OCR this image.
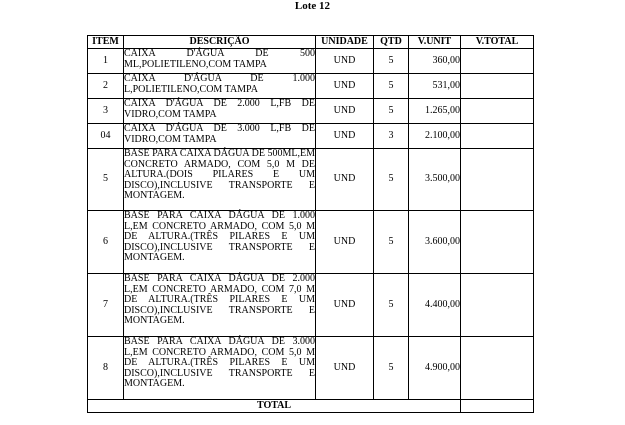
Lote 12
ITEM	DESCRIÇÃO	UNIDADE	QTD	V.UNIT	V.TOTAL
1	CAIXA D'ÁGUA DE 500 ML,POLIETILENO,COM TAMPA	UND	5	360,00	
2	CAIXA D'ÁGUA DE 1.000 L,POLIETILENO,COM TAMPA	UND	5	531,00	
3	CAIXA D'ÁGUA DE 2.000 L,FB DE VIDRO,COM TAMPA	UND	5	1.265,00	
04	CAIXA D'ÁGUA DE 3.000 L,FB DE VIDRO,COM TAMPA	UND	3	2.100,00	
5	BASE PARA CAIXA DÁGUA DE 500ML,EM CONCRETO ARMADO, COM 5,0 M DE ALTURA.(DOIS PILARES E UM DISCO),INCLUSIVE TRANSPORTE E MONTAGEM.	UND	5	3.500,00	
6	BASE PARA CAIXA DÁGUA DE 1.000 L,EM CONCRETO ARMADO, COM 5,0 M DE ALTURA.(TRÊS PILARES E UM DISCO),INCLUSIVE TRANSPORTE E MONTAGEM.	UND	5	3.600,00	
7	BASE PARA CAIXA DÁGUA DE 2.000 L,EM CONCRETO ARMADO, COM 7,0 M DE ALTURA.(TRÊS PILARES E UM DISCO),INCLUSIVE TRANSPORTE E MONTAGEM.	UND	5	4.400,00	
8	BASE PARA CAIXA DÁGUA DE 3.000 L,EM CONCRETO ARMADO, COM 5,0 M DE ALTURA.(TRÊS PILARES E UM DISCO),INCLUSIVE TRANSPORTE E MONTAGEM.	UND	5	4.900,00	
TOTAL					
